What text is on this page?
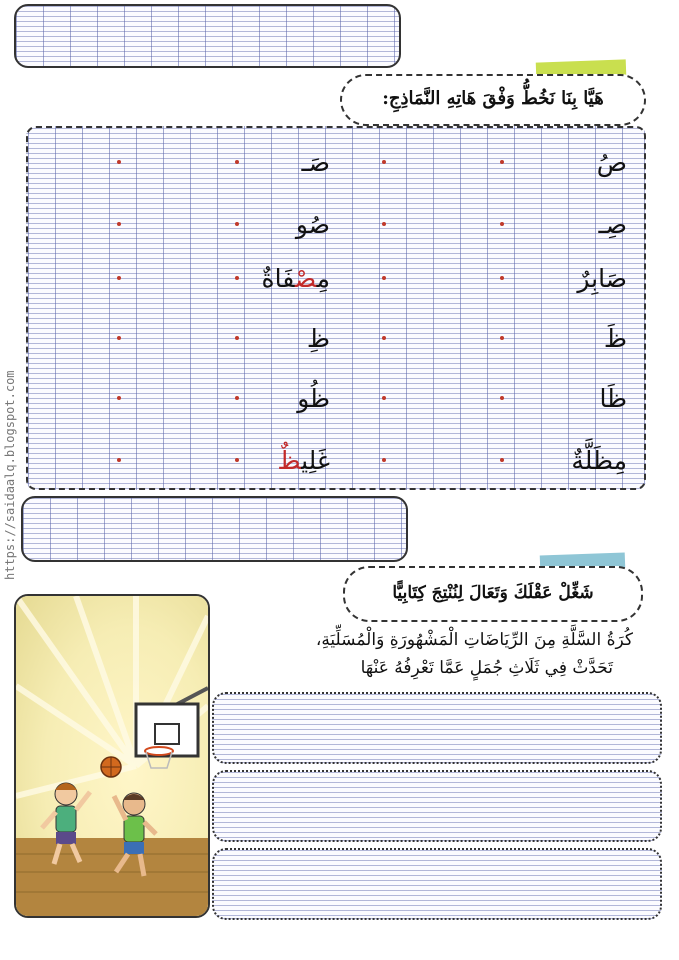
https://saidaalq.blogspot.com
هَيَّا بِنَا نَخُطُّ وَفْقَ هَاتِهِ النَّمَاذِجِ:
صُ
صَـ
صِـ
صُو
صَابِرٌ
مِصْفَاةٌ
ظَ
ظِ
ظَا
ظُو
مِظَلَّةٌ
غَلِيظ
شَغِّلْ عَقْلَكَ وَتَعَالَ لِنُنْتِجَ كِتَابِيًّا
كُرَةُ السَّلَّةِ مِنَ الرِّيَاضَاتِ الْمَشْهُورَةِ وَالْمُسَلِّيَةِ،
تَحَدَّثْ فِي ثَلَاثِ جُمَلٍ عَمَّا تَعْرِفُهُ عَنْهَا
